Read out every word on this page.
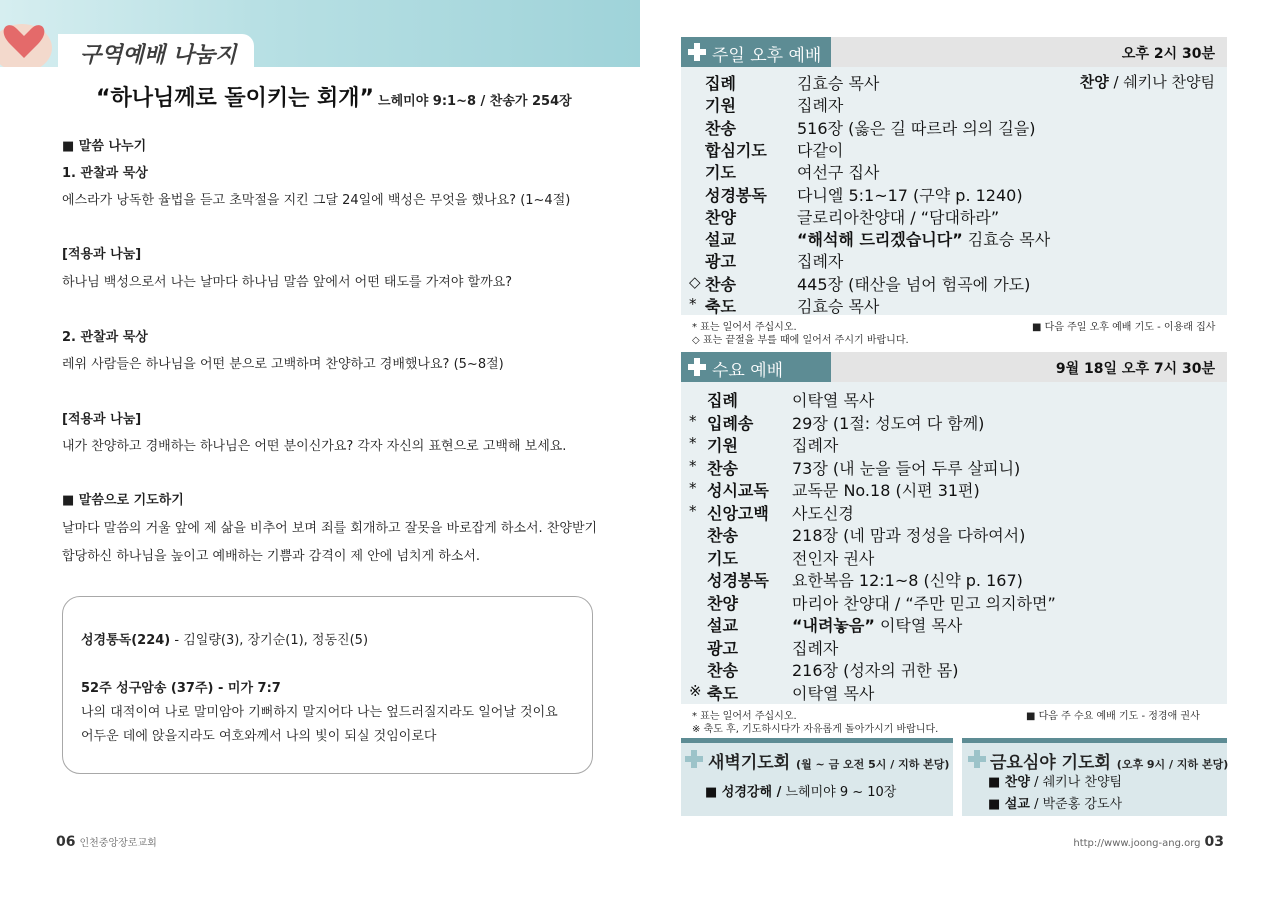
구역예배 나눔지
“하나님께로 돌이키는 회개” 느헤미야 9:1~8 / 찬송가 254장
■ 말씀 나누기
1. 관찰과 묵상
에스라가 낭독한 율법을 듣고 초막절을 지킨 그달 24일에 백성은 무엇을 했나요? (1~4절)
[적용과 나눔]
하나님 백성으로서 나는 날마다 하나님 말씀 앞에서 어떤 태도를 가져야 할까요?
2. 관찰과 묵상
레위 사람들은 하나님을 어떤 분으로 고백하며 찬양하고 경배했나요? (5~8절)
[적용과 나눔]
내가 찬양하고 경배하는 하나님은 어떤 분이신가요? 각자 자신의 표현으로 고백해 보세요.
■ 말씀으로 기도하기
날마다 말씀의 거울 앞에 제 삶을 비추어 보며 죄를 회개하고 잘못을 바로잡게 하소서. 찬양받기
합당하신 하나님을 높이고 예배하는 기쁨과 감격이 제 안에 넘치게 하소서.
성경통독(224) - 김일량(3), 장기순(1), 정동진(5)
52주 성구암송 (37주) - 미가 7:7
나의 대적이여 나로 말미암아 기뻐하지 말지어다 나는 엎드러질지라도 일어날 것이요
어두운 데에 앉을지라도 여호와께서 나의 빛이 되실 것임이로다
06 인천중앙장로교회
주일 오후 예배	오후 2시 30분
찬양 / 쉐키나 찬양팀
집례	김효승 목사
기원	집례자
찬송	516장 (옳은 길 따르라 의의 길을)
합심기도	다같이
기도	여선구 집사
성경봉독	다니엘 5:1~17 (구약 p. 1240)
찬양	글로리아찬양대 / “담대하라”
설교	“해석해 드리겠습니다” 김효승 목사
광고	집례자
◇ 찬송	445장 (태산을 넘어 험곡에 가도)
* 축도	김효승 목사
* 표는 일어서 주십시오.
◇ 표는 끝절을 부를 때에 일어서 주시기 바랍니다.
■ 다음 주일 오후 예배 기도 - 이용래 집사
수요 예배	9월 18일 오후 7시 30분
집례	이탁열 목사
* 입례송	29장 (1절: 성도여 다 함께)
* 기원	집례자
* 찬송	73장 (내 눈을 들어 두루 살피니)
* 성시교독 교독문 No.18 (시편 31편)
* 신앙고백 사도신경
찬송	218장 (네 맘과 정성을 다하여서)
기도	전인자 권사
성경봉독 요한복음 12:1~8 (신약 p. 167)
찬양	마리아 찬양대 / “주만 믿고 의지하면”
설교	“내려놓음” 이탁열 목사
광고	집례자
찬송	216장 (성자의 귀한 몸)
※ 축도	이탁열 목사
* 표는 일어서 주십시오.
※ 축도 후, 기도하시다가 자유롭게 돌아가시기 바랍니다.
■ 다음 주 수요 예배 기도 - 정경애 권사
새벽기도회 (월 ~ 금 오전 5시 / 지하 본당)
■ 성경강해 / 느헤미야 9 ~ 10장
금요심야 기도회 (오후 9시 / 지하 본당)
■ 찬양 / 쉐키나 찬양팀
■ 설교 / 박준홍 강도사
http://www.joong-ang.org 03
